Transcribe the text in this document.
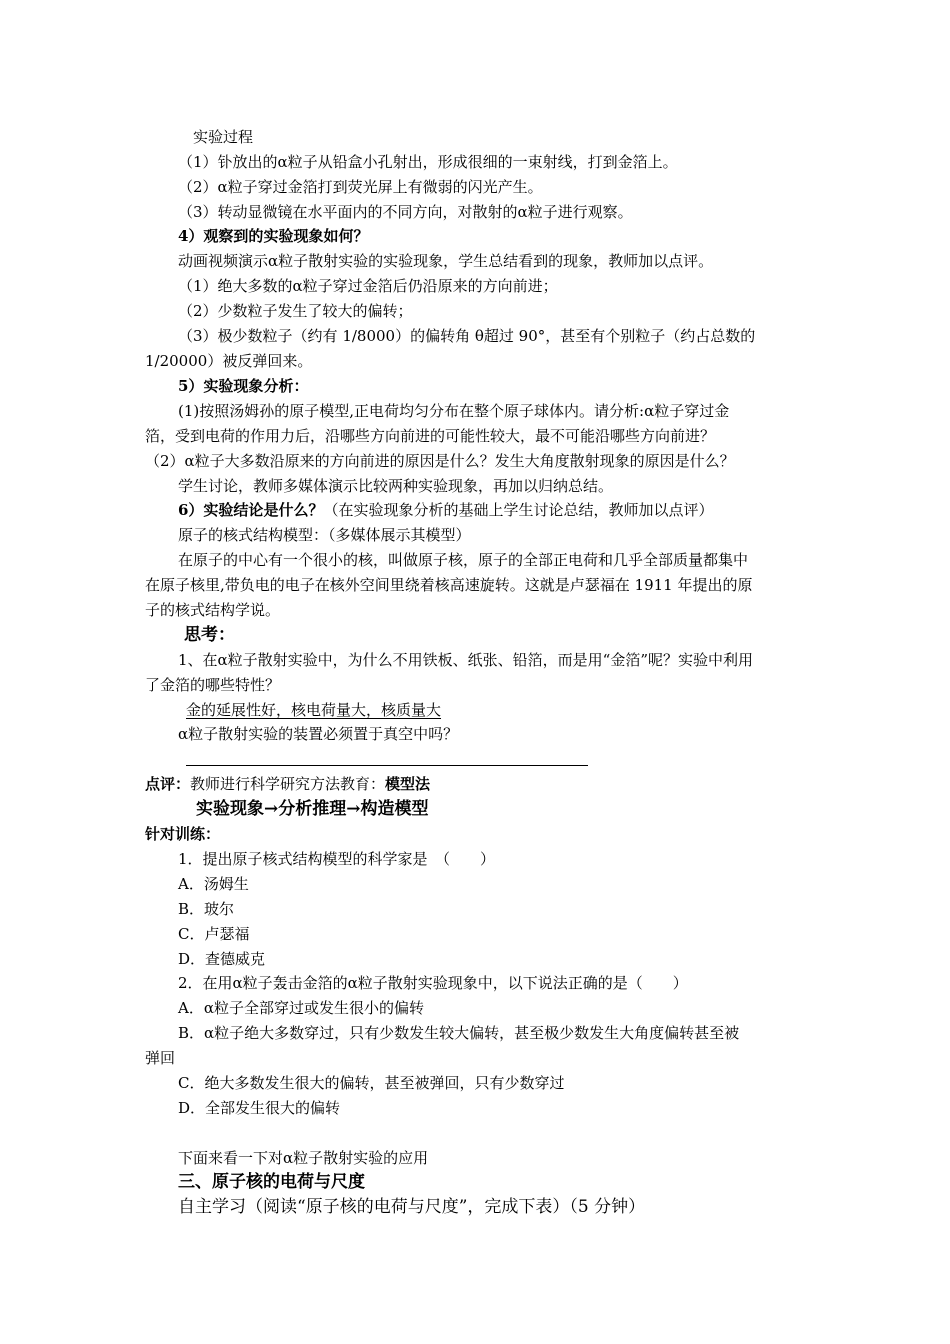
实验过程
（1）钋放出的α粒子从铅盒小孔射出，形成很细的一束射线，打到金箔上。
（2）α粒子穿过金箔打到荧光屏上有微弱的闪光产生。
（3）转动显微镜在水平面内的不同方向，对散射的α粒子进行观察。
4）观察到的实验现象如何？
动画视频演示α粒子散射实验的实验现象，学生总结看到的现象，教师加以点评。
（1）绝大多数的α粒子穿过金箔后仍沿原来的方向前进；
（2）少数粒子发生了较大的偏转；
（3）极少数粒子（约有 1/8000）的偏转角 θ超过 90°，甚至有个别粒子（约占总数的
1/20000）被反弹回来。
5）实验现象分析：
(1)按照汤姆孙的原子模型,正电荷均匀分布在整个原子球体内。请分析:α粒子穿过金
箔，受到电荷的作用力后，沿哪些方向前进的可能性较大，最不可能沿哪些方向前进？
（2）α粒子大多数沿原来的方向前进的原因是什么？发生大角度散射现象的原因是什么？
学生讨论，教师多媒体演示比较两种实验现象，再加以归纳总结。
6）实验结论是什么？（在实验现象分析的基础上学生讨论总结，教师加以点评）
原子的核式结构模型：（多媒体展示其模型）
在原子的中心有一个很小的核，叫做原子核，原子的全部正电荷和几乎全部质量都集中
在原子核里,带负电的电子在核外空间里绕着核高速旋转。这就是卢瑟福在 1911 年提出的原
子的核式结构学说。
思考：
1、在α粒子散射实验中，为什么不用铁板、纸张、铅箔，而是用“金箔”呢？实验中利用
了金箔的哪些特性？
金的延展性好，核电荷量大，核质量大
α粒子散射实验的装置必须置于真空中吗？
点评：教师进行科学研究方法教育：模型法
实验现象→分析推理→构造模型
针对训练：
1．提出原子核式结构模型的科学家是　（　　）
A．汤姆生
B．玻尔
C．卢瑟福
D．查德威克
2．在用α粒子轰击金箔的α粒子散射实验现象中，以下说法正确的是（　　）
A．α粒子全部穿过或发生很小的偏转
B．α粒子绝大多数穿过，只有少数发生较大偏转，甚至极少数发生大角度偏转甚至被
弹回
C．绝大多数发生很大的偏转，甚至被弹回，只有少数穿过
D．全部发生很大的偏转
下面来看一下对α粒子散射实验的应用
三、原子核的电荷与尺度
自主学习（阅读“原子核的电荷与尺度”，完成下表）（5 分钟）
